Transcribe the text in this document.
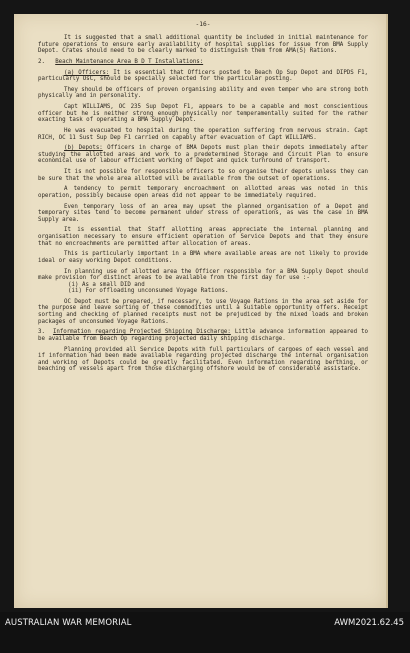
-16-
It is suggested that a small additional quantity be included in initial maintenance for future operations to ensure early availability of hospital supplies for issue from BMA Supply Depot. Crates should need to be clearly marked to distinguish them from AMA(S) Rations.
2. Beach Maintenance Area B D T Installations:
(a) Officers: It is essential that Officers posted to Beach Op Sup Depot and DIPDS F1, particularly OsC, should be specially selected for the particular posting.
They should be officers of proven organising ability and even temper who are strong both physically and in personality.
Capt WILLIAMS, OC 235 Sup Depot F1, appears to be a capable and most conscientious officer but he is neither strong enough physically nor temperamentally suited for the rather exacting task of operating a BMA Supply Depot.
He was evacuated to hospital during the operation suffering from nervous strain. Capt RICH, OC 11 Sust Sup Dep F1 carried on capably after evacuation of Capt WILLIAMS.
(b) Depots: Officers in charge of BMA Depots must plan their depots immediately after studying the allotted areas and work to a predetermined Storage and Circuit Plan to ensure economical use of labour efficient working of Depot and quick turnround of transport.
It is not possible for responsible officers to so organise their depots unless they can be sure that the whole area allotted will be available from the outset of operations.
A tendency to permit temporary encroachment on allotted areas was noted in this operation, possibly because open areas did not appear to be immediately required.
Even temporary loss of an area may upset the planned organisation of a Depot and temporary sites tend to become permanent under stress of operations, as was the case in BMA Supply area.
It is essential that Staff allotting areas appreciate the internal planning and organisation necessary to ensure efficient operation of Service Depots and that they ensure that no encroachments are permitted after allocation of areas.
This is particularly important in a BMA where available areas are not likely to provide ideal or easy working Depot conditions.
In planning use of allotted area the Officer responsible for a BMA Supply Depot should make provision for distinct areas to be available from the first day for use :-
(i) As a small DID and
(ii) For offloading unconsumed Voyage Rations.
OC Depot must be prepared, if necessary, to use Voyage Rations in the area set aside for the purpose and leave sorting of these commodities until a suitable opportunity offers. Receipt sorting and checking of planned receipts must not be prejudiced by the mixed loads and broken packages of unconsumed Voyage Rations.
3. Information regarding Projected Shipping Discharge: Little advance information appeared to be available from Beach Op regarding projected daily shipping discharge.
Planning provided all Service Depots with full particulars of cargoes of each vessel and if information had been made available regarding projected discharge the internal organisation and working of Depots could be greatly facilitated. Even information regarding berthing, or beaching of vessels apart from those discharging offshore would be of considerable assistance.
AUSTRALIAN WAR MEMORIAL	AWM2021.62.45
